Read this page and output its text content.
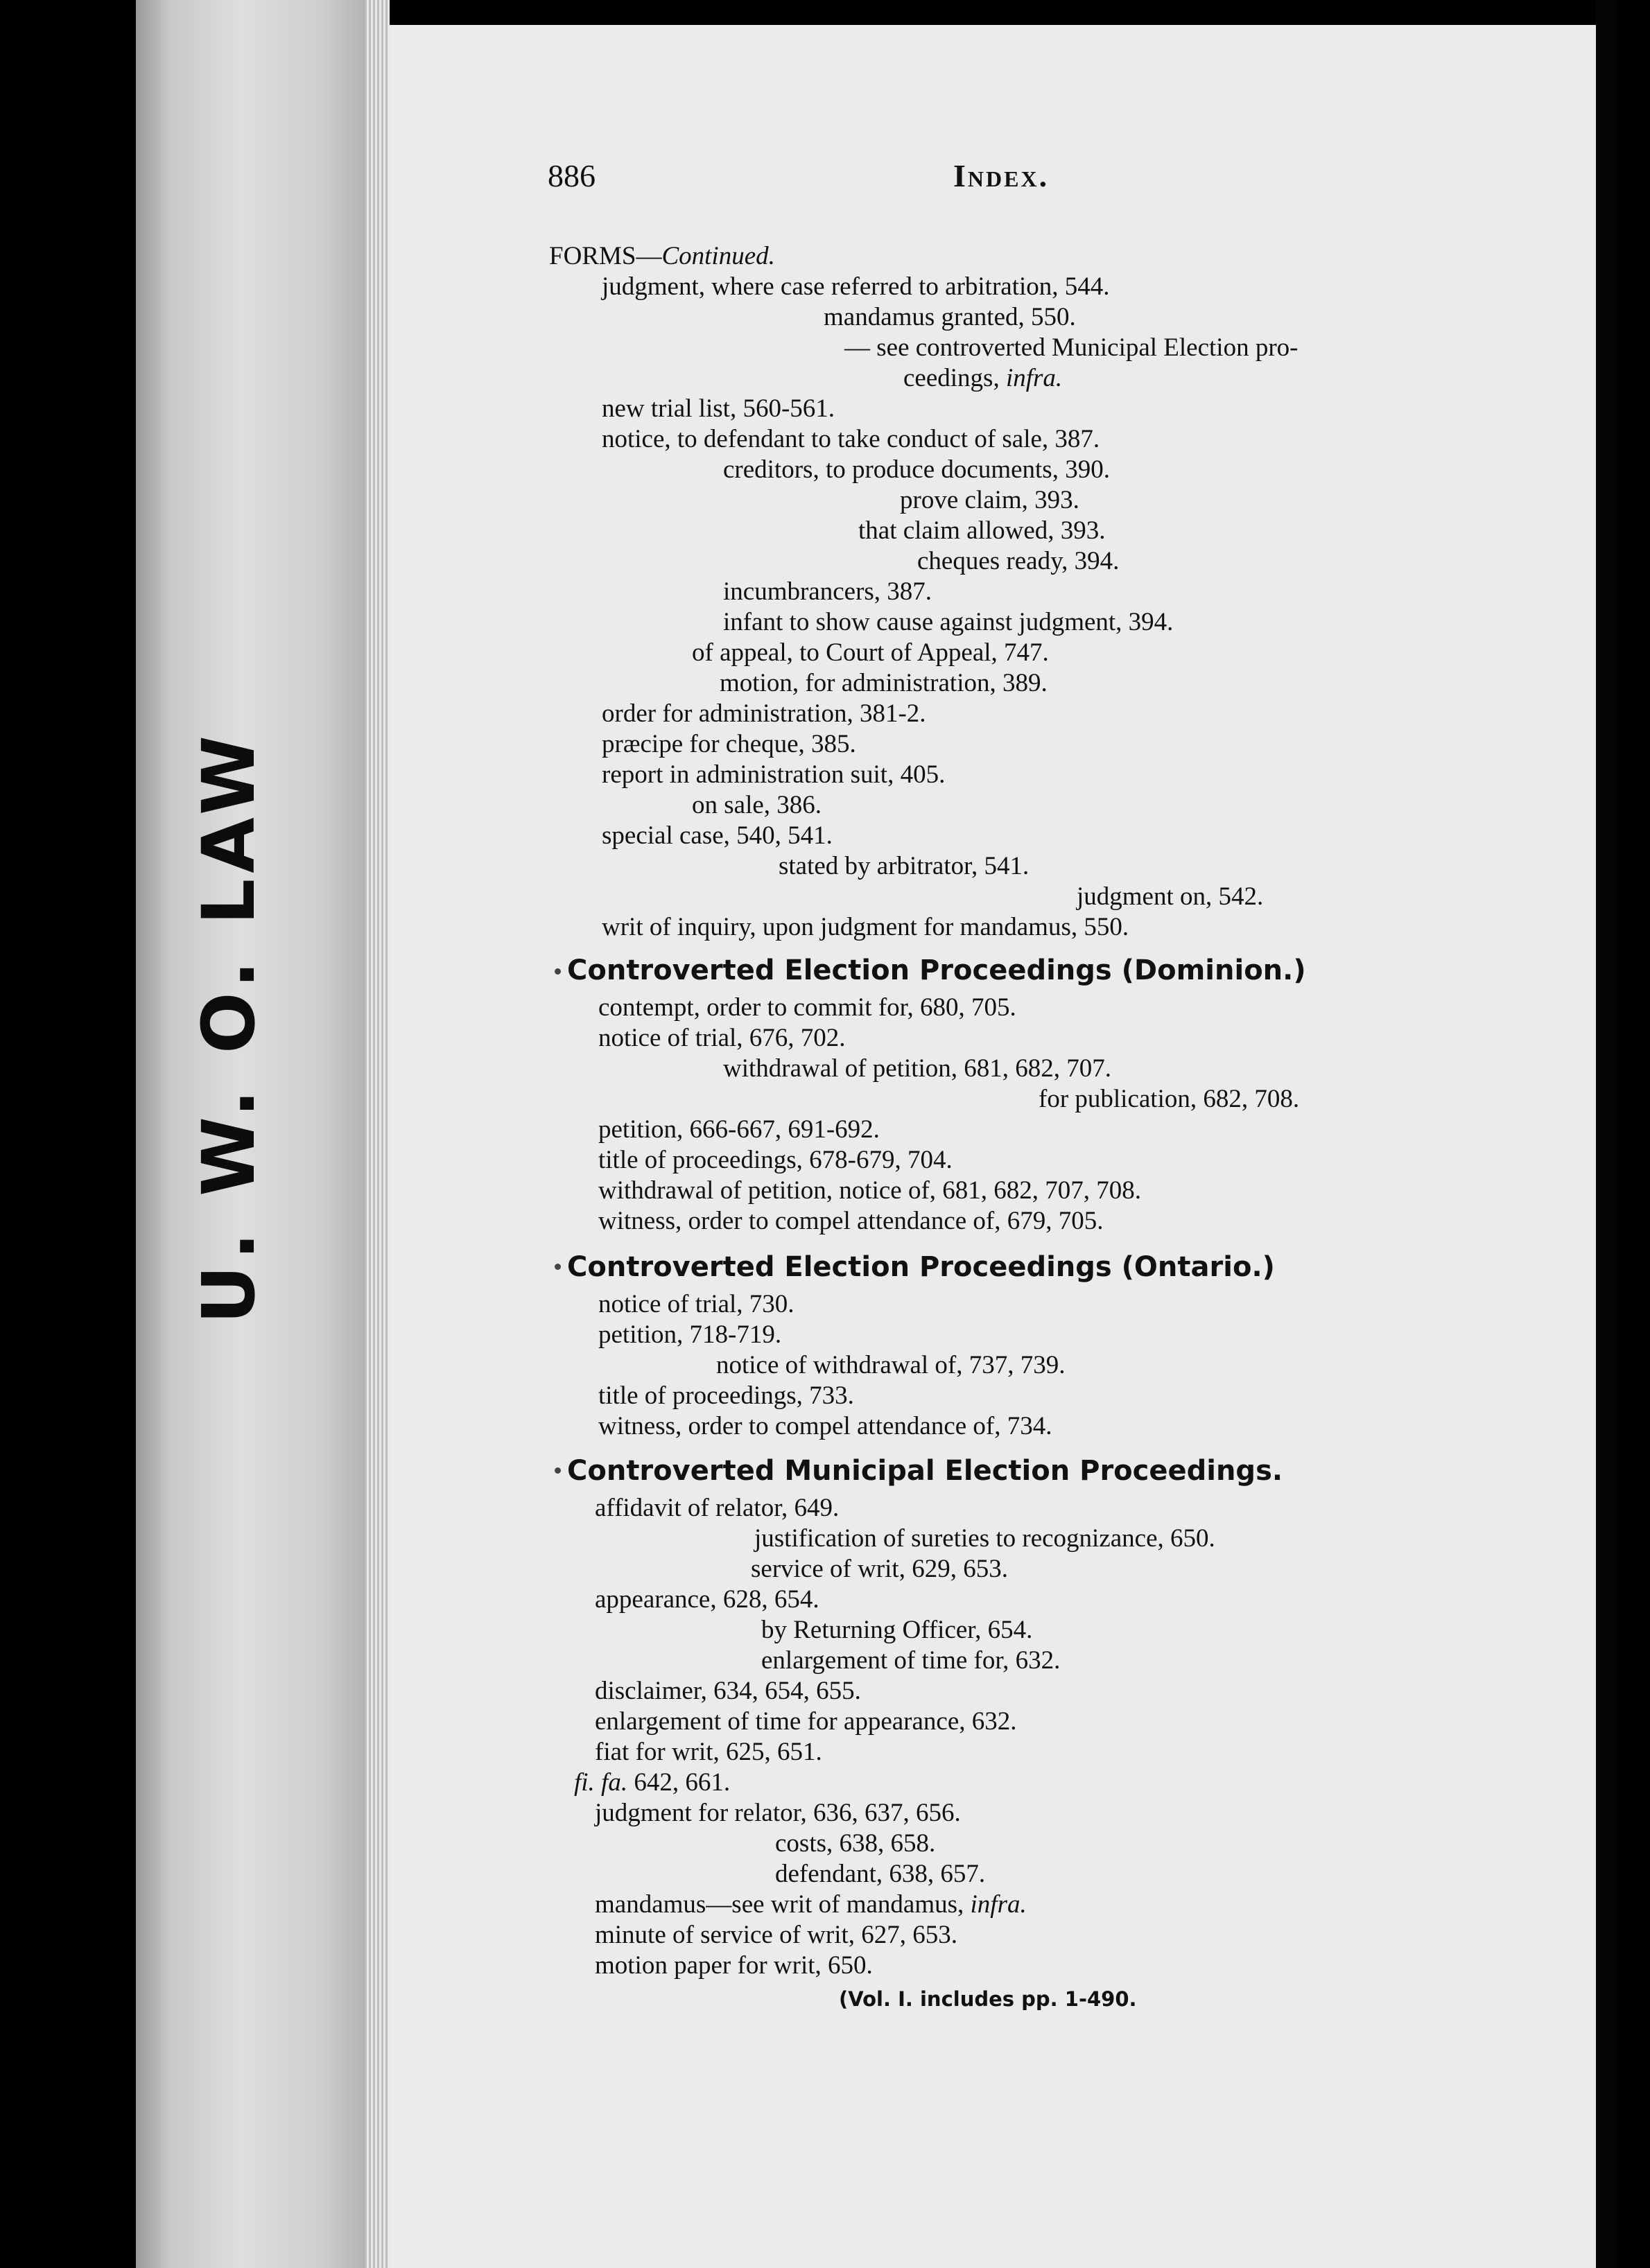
U. W. O. LAW
886	Index.
FORMS—Continued.
judgment, where case referred to arbitration, 544.
mandamus granted, 550.
— see controverted Municipal Election pro-
ceedings, infra.
new trial list, 560-561.
notice, to defendant to take conduct of sale, 387.
creditors, to produce documents, 390.
prove claim, 393.
that claim allowed, 393.
cheques ready, 394.
incumbrancers, 387.
infant to show cause against judgment, 394.
of appeal, to Court of Appeal, 747.
motion, for administration, 389.
order for administration, 381-2.
præcipe for cheque, 385.
report in administration suit, 405.
on sale, 386.
special case, 540, 541.
stated by arbitrator, 541.
judgment on, 542.
writ of inquiry, upon judgment for mandamus, 550.
Controverted Election Proceedings (Dominion.)
contempt, order to commit for, 680, 705.
notice of trial, 676, 702.
withdrawal of petition, 681, 682, 707.
for publication, 682, 708.
petition, 666-667, 691-692.
title of proceedings, 678-679, 704.
withdrawal of petition, notice of, 681, 682, 707, 708.
witness, order to compel attendance of, 679, 705.
Controverted Election Proceedings (Ontario.)
notice of trial, 730.
petition, 718-719.
notice of withdrawal of, 737, 739.
title of proceedings, 733.
witness, order to compel attendance of, 734.
Controverted Municipal Election Proceedings.
affidavit of relator, 649.
justification of sureties to recognizance, 650.
service of writ, 629, 653.
appearance, 628, 654.
by Returning Officer, 654.
enlargement of time for, 632.
disclaimer, 634, 654, 655.
enlargement of time for appearance, 632.
fiat for writ, 625, 651.
fi. fa. 642, 661.
judgment for relator, 636, 637, 656.
costs, 638, 658.
defendant, 638, 657.
mandamus—see writ of mandamus, infra.
minute of service of writ, 627, 653.
motion paper for writ, 650.
(Vol. I. includes pp. 1-490.
